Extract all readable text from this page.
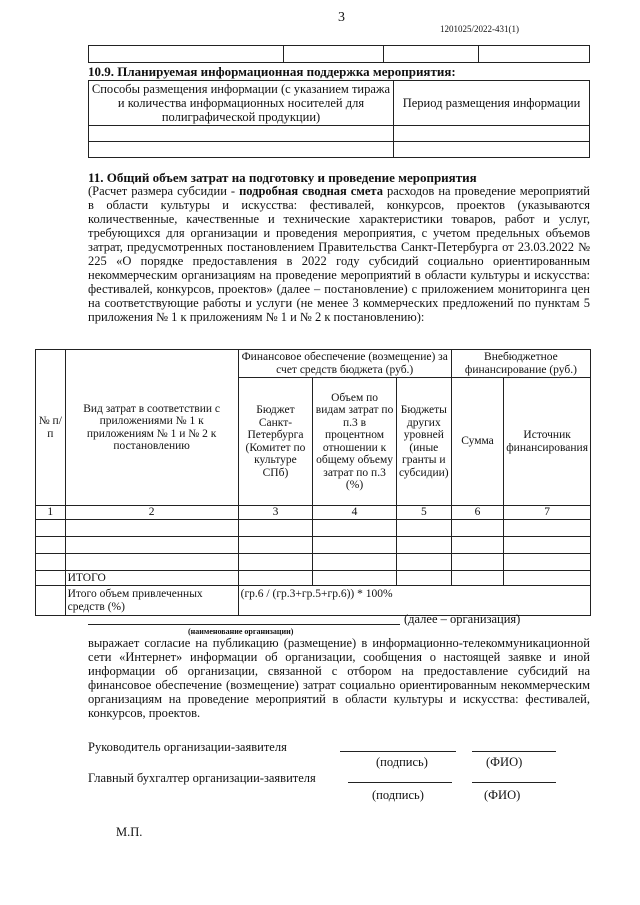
3
1201025/2022-431(1)

10.9. Планируемая информационная поддержка мероприятия:
Способы размещения информации (с указанием тиража и количества информационных носителей для полиграфической продукции)	Период размещения информации

11. Общий объем затрат на подготовку и проведение мероприятия
(Расчет размера субсидии - подробная сводная смета расходов на проведение мероприятий в области культуры и искусства: фестивалей, конкурсов, проектов (указываются количественные, качественные и технические характеристики товаров, работ и услуг, требующихся для организации и проведения мероприятия, с учетом предельных объемов затрат, предусмотренных постановлением Правительства Санкт-Петербурга от 23.03.2022 № 225 «О порядке предоставления в 2022 году субсидий социально ориентированным некоммерческим организациям на проведение мероприятий в области культуры и искусства: фестивалей, конкурсов, проектов» (далее – постановление) с приложением мониторинга цен на соответствующие работы и услуги (не менее 3 коммерческих предложений по пунктам 5 приложения № 1 к приложениям № 1 и № 2 к постановлению):
№ п/п	Вид затрат в соответствии с приложениями № 1 к приложениям № 1 и № 2 к постановлению	Финансовое обеспечение (возмещение) за счет средств бюджета (руб.)			Внебюджетное финансирование (руб.)	
		Бюджет Санкт-Петербурга (Комитет по культуре СПб)	Объем по видам затрат по п.3 в процентном отношении к общему объему затрат по п.3 (%)	Бюджеты других уровней (иные гранты и субсидии)	Сумма	Источник финансирования
1	2	3	4	5	6	7

	ИТОГО					
	Итого объем привлеченных средств (%)	(гр.6 / (гр.3+гр.5+гр.6)) * 100%				
(далее – организация)
(наименование организации)
выражает согласие на публикацию (размещение) в информационно-телекоммуникационной сети «Интернет» информации об организации, сообщения о настоящей заявке и иной информации об организации, связанной с отбором на предоставление субсидий на финансовое обеспечение (возмещение) затрат социально ориентированным некоммерческим организациям на проведение мероприятий в области культуры и искусства: фестивалей, конкурсов, проектов.
Руководитель организации-заявителя
(подпись)	(ФИО)
Главный бухгалтер организации-заявителя
(подпись)	(ФИО)
М.П.
